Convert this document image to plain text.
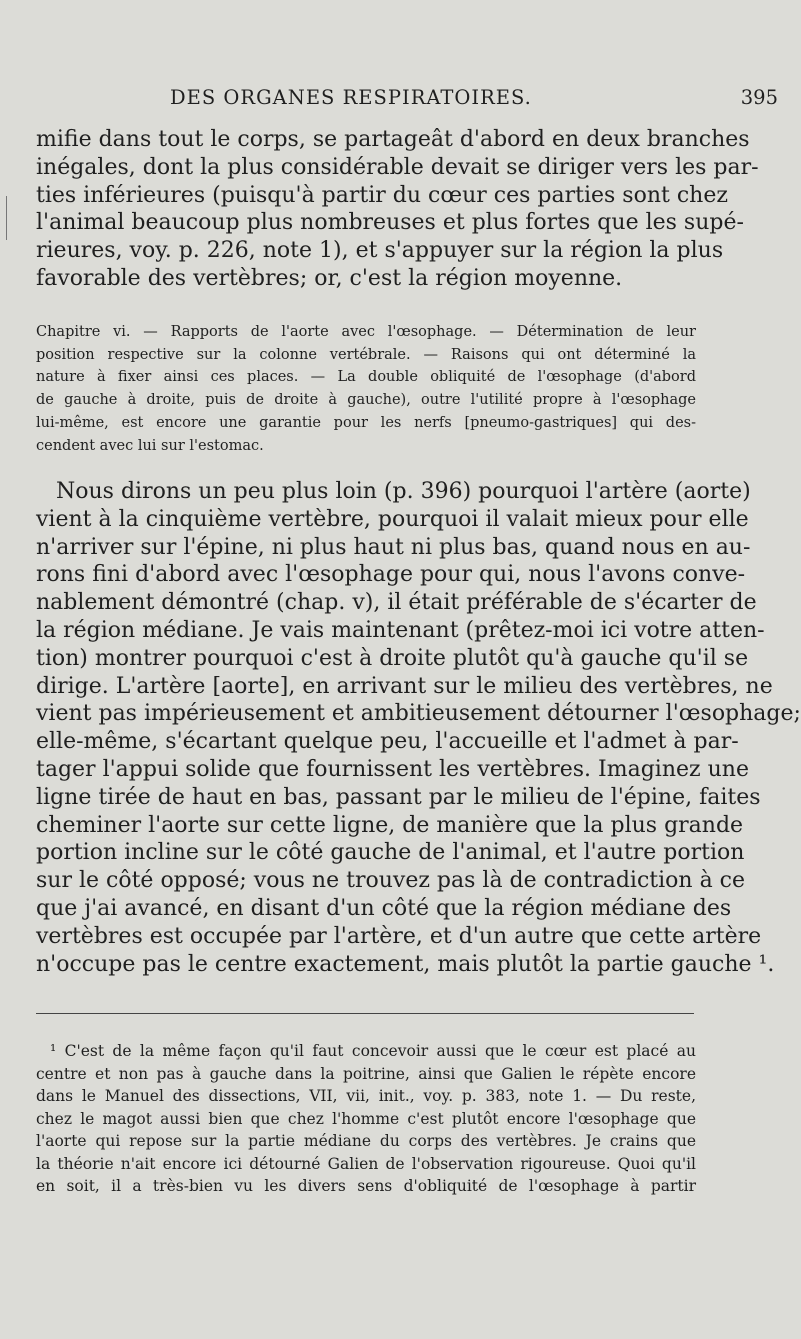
DES ORGANES RESPIRATOIRES.	395
mifie dans tout le corps, se partageât d'abord en deux branches
inégales, dont la plus considérable devait se diriger vers les par-
ties inférieures (puisqu'à partir du cœur ces parties sont chez
l'animal beaucoup plus nombreuses et plus fortes que les supé-
rieures, voy. p. 226, note 1), et s'appuyer sur la région la plus
favorable des vertèbres; or, c'est la région moyenne.
Chapitre vi. — Rapports de l'aorte avec l'œsophage. — Détermination de leur
position respective sur la colonne vertébrale. — Raisons qui ont déterminé la
nature à fixer ainsi ces places. — La double obliquité de l'œsophage (d'abord
de gauche à droite, puis de droite à gauche), outre l'utilité propre à l'œsophage
lui-même, est encore une garantie pour les nerfs [pneumo-gastriques] qui des-
cendent avec lui sur l'estomac.
Nous dirons un peu plus loin (p. 396) pourquoi l'artère (aorte)
vient à la cinquième vertèbre, pourquoi il valait mieux pour elle
n'arriver sur l'épine, ni plus haut ni plus bas, quand nous en au-
rons fini d'abord avec l'œsophage pour qui, nous l'avons conve-
nablement démontré (chap. v), il était préférable de s'écarter de
la région médiane. Je vais maintenant (prêtez-moi ici votre atten-
tion) montrer pourquoi c'est à droite plutôt qu'à gauche qu'il se
dirige. L'artère [aorte], en arrivant sur le milieu des vertèbres, ne
vient pas impérieusement et ambitieusement détourner l'œsophage;
elle-même, s'écartant quelque peu, l'accueille et l'admet à par-
tager l'appui solide que fournissent les vertèbres. Imaginez une
ligne tirée de haut en bas, passant par le milieu de l'épine, faites
cheminer l'aorte sur cette ligne, de manière que la plus grande
portion incline sur le côté gauche de l'animal, et l'autre portion
sur le côté opposé; vous ne trouvez pas là de contradiction à ce
que j'ai avancé, en disant d'un côté que la région médiane des
vertèbres est occupée par l'artère, et d'un autre que cette artère
n'occupe pas le centre exactement, mais plutôt la partie gauche ¹.
¹ C'est de la même façon qu'il faut concevoir aussi que le cœur est placé au
centre et non pas à gauche dans la poitrine, ainsi que Galien le répète encore
dans le Manuel des dissections, VII, vii, init., voy. p. 383, note 1. — Du reste,
chez le magot aussi bien que chez l'homme c'est plutôt encore l'œsophage que
l'aorte qui repose sur la partie médiane du corps des vertèbres. Je crains que
la théorie n'ait encore ici détourné Galien de l'observation rigoureuse. Quoi qu'il
en soit, il a très-bien vu les divers sens d'obliquité de l'œsophage à partir
